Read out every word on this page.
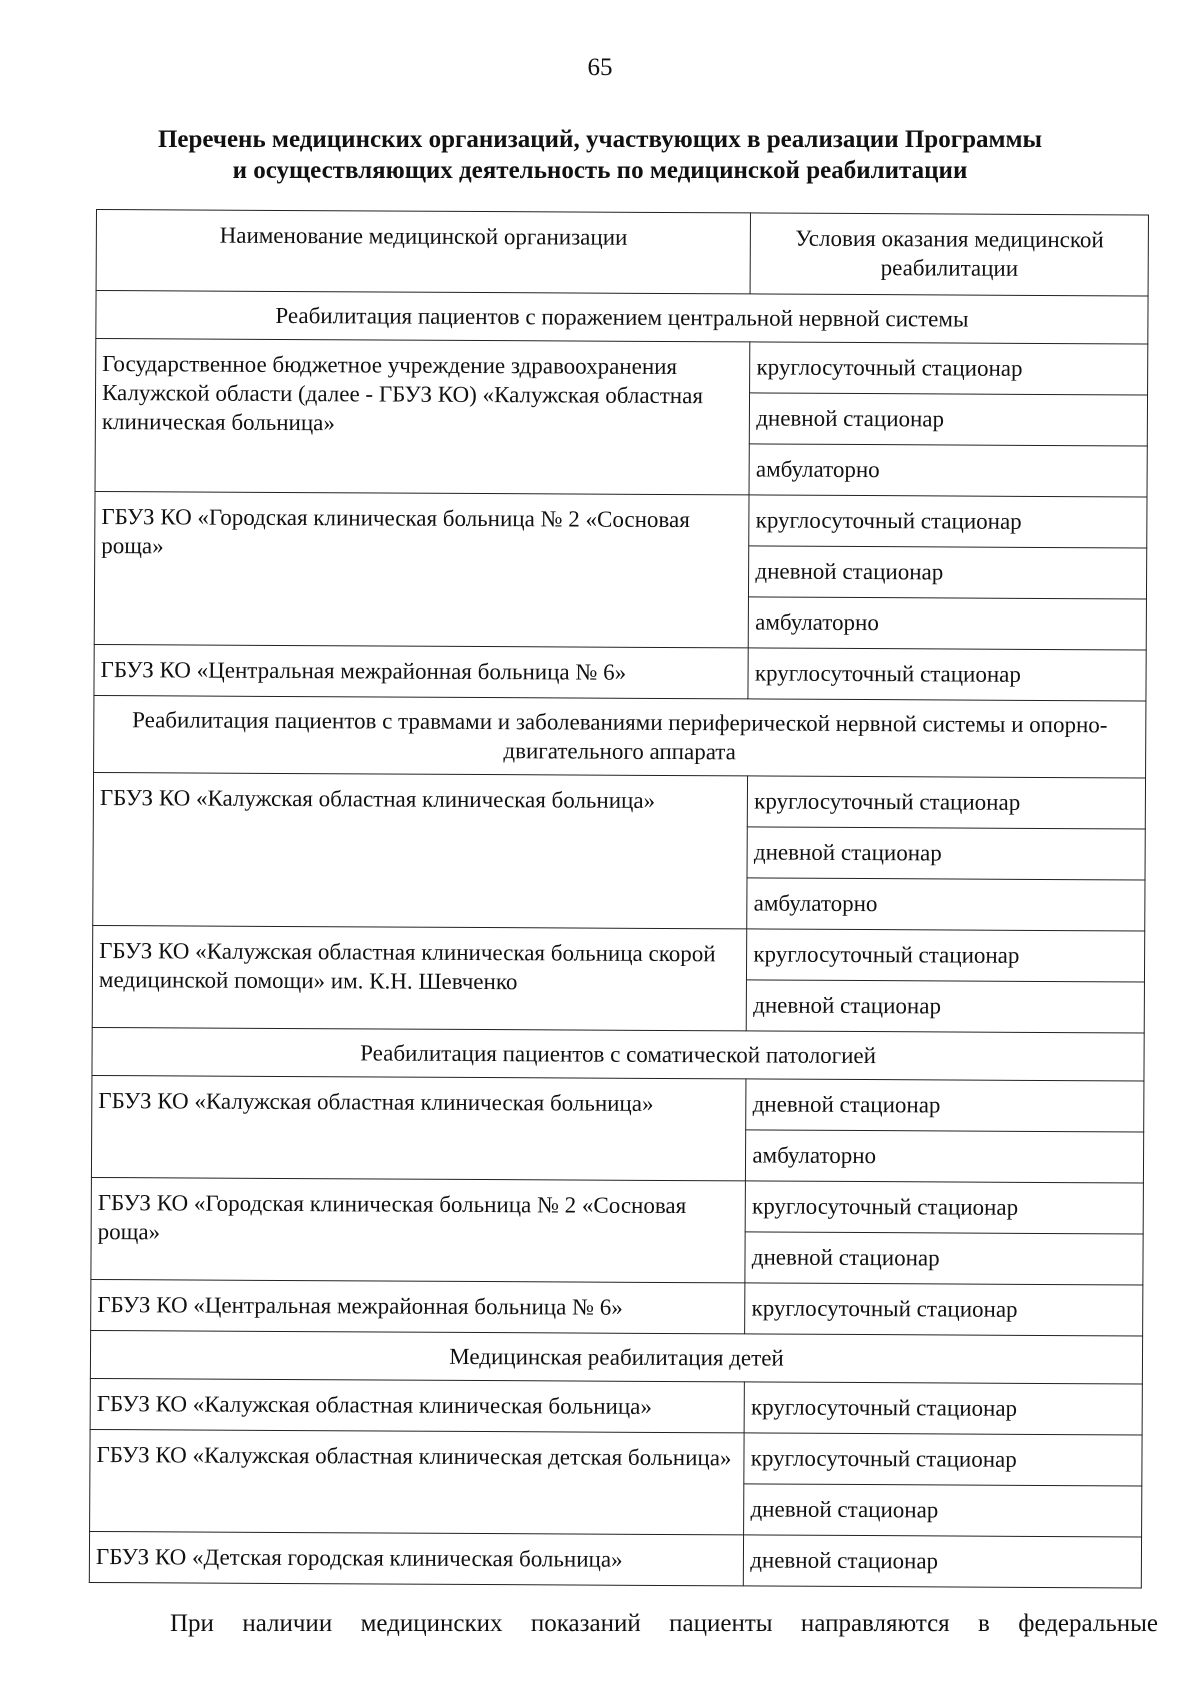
65
Перечень медицинских организаций, участвующих в реализации Программы
и осуществляющих деятельность по медицинской реабилитации
Наименование медицинской организации	Условия оказания медицинской реабилитации
Реабилитация пациентов с поражением центральной нервной системы	
Государственное бюджетное учреждение здравоохранения Калужской области (далее - ГБУЗ КО) «Калужская областная клиническая больница»	круглосуточный стационар
	дневной стационар
	амбулаторно
ГБУЗ КО «Городская клиническая больница № 2 «Сосновая роща»	круглосуточный стационар
	дневной стационар
	амбулаторно
ГБУЗ КО «Центральная межрайонная больница № 6»	круглосуточный стационар
Реабилитация пациентов с травмами и заболеваниями периферической нервной системы и опорно-двигательного аппарата	
ГБУЗ КО «Калужская областная клиническая больница»	круглосуточный стационар
	дневной стационар
	амбулаторно
ГБУЗ КО «Калужская областная клиническая больница скорой медицинской помощи» им. К.Н. Шевченко	круглосуточный стационар
	дневной стационар
Реабилитация пациентов с соматической патологией	
ГБУЗ КО «Калужская областная клиническая больница»	дневной стационар
	амбулаторно
ГБУЗ КО «Городская клиническая больница № 2 «Сосновая роща»	круглосуточный стационар
	дневной стационар
ГБУЗ КО «Центральная межрайонная больница № 6»	круглосуточный стационар
Медицинская реабилитация детей	
ГБУЗ КО «Калужская областная клиническая больница»	круглосуточный стационар
ГБУЗ КО «Калужская областная клиническая детская больница»	круглосуточный стационар
	дневной стационар
ГБУЗ КО «Детская городская клиническая больница»	дневной стационар
При наличии медицинских показаний пациенты направляются в федеральные
